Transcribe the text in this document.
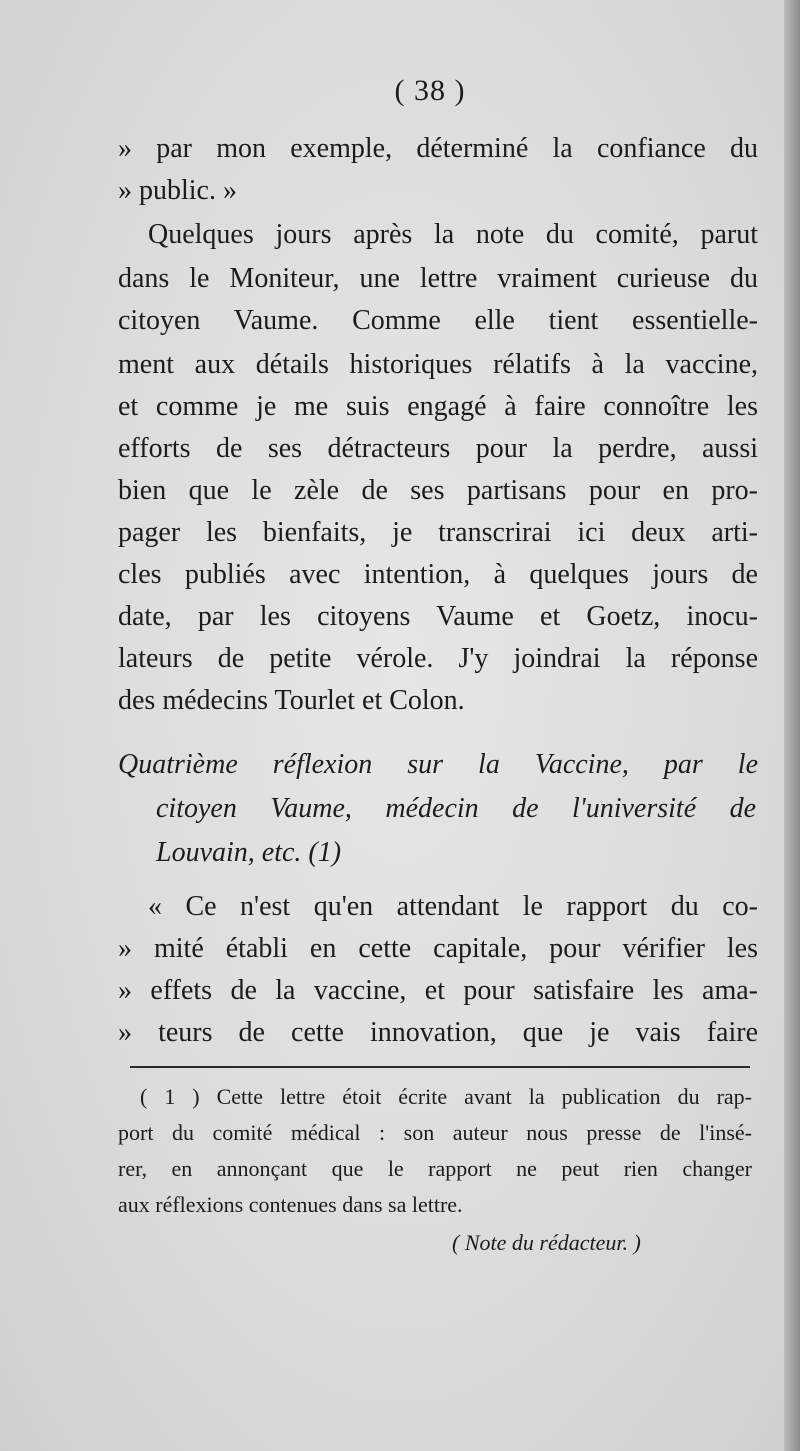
( 38 )
» par mon exemple, déterminé la confiance du
» public. »
Quelques jours après la note du comité, parut
dans le Moniteur, une lettre vraiment curieuse du
citoyen Vaume. Comme elle tient essentielle-
ment aux détails historiques rélatifs à la vaccine,
et comme je me suis engagé à faire connoître les
efforts de ses détracteurs pour la perdre, aussi
bien que le zèle de ses partisans pour en pro-
pager les bienfaits, je transcrirai ici deux arti-
cles publiés avec intention, à quelques jours de
date, par les citoyens Vaume et Goetz, inocu-
lateurs de petite vérole. J'y joindrai la réponse
des médecins Tourlet et Colon.
Quatrième réflexion sur la Vaccine, par le
citoyen Vaume, médecin de l'université de
Louvain, etc. (1)
« Ce n'est qu'en attendant le rapport du co-
» mité établi en cette capitale, pour vérifier les
» effets de la vaccine, et pour satisfaire les ama-
» teurs de cette innovation, que je vais faire
( 1 ) Cette lettre étoit écrite avant la publication du rap-
port du comité médical : son auteur nous presse de l'insé-
rer, en annonçant que le rapport ne peut rien changer
aux réflexions contenues dans sa lettre.
( Note du rédacteur. )
